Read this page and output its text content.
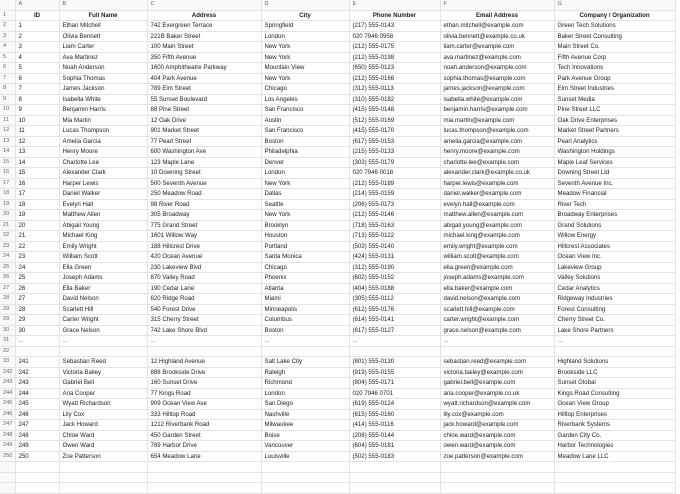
	A	B	C	D	E	F	G
1	ID	Full Name	Address	City	Phone Number	Email Address	Company / Organization
2	1	Ethan Mitchell	742 Evergreen Terrace	Springfield	(217) 555-0143	ethan.mitchell@example.com	Green Tech Solutions
3	2	Olivia Bennett	221B Baker Street	London	020 7946 0958	olivia.bennett@example.co.uk	Baker Street Consulting
4	3	Liam Carter	100 Main Street	New York	(212) 555-0175	liam.carter@example.com	Main Street Co.
5	4	Ava Martinez	350 Fifth Avenue	New York	(212) 555-0198	ava.martinez@example.com	Fifth Avenue Corp
6	5	Noah Anderson	1600 Amphitheatre Parkway	Mountain View	(650) 555-0123	noah.anderson@example.com	Tech Innovations
7	6	Sophia Thomas	404 Park Avenue	New York	(212) 555-0166	sophia.thomas@example.com	Park Avenue Group
8	7	James Jackson	789 Elm Street	Chicago	(312) 555-0113	james.jackson@example.com	Elm Street Industries
9	8	Isabella White	55 Sunset Boulevard	Los Angeles	(310) 555-0182	isabella.white@example.com	Sunset Media
10	9	Benjamin Harris	88 Pine Street	San Francisco	(415) 555-0148	benjamin.harris@example.com	Pine Street LLC
11	10	Mia Martin	12 Oak Drive	Austin	(512) 555-0169	mia.martin@example.com	Oak Drive Enterprises
12	11	Lucas Thompson	901 Market Street	San Francisco	(415) 555-0170	lucas.thompson@example.com	Market Street Partners
13	12	Amelia Garcia	77 Pearl Street	Boston	(617) 555-0153	amelia.garcia@example.com	Pearl Analytics
14	13	Henry Moore	600 Washington Ave	Philadelphia	(215) 555-0133	henry.moore@example.com	Washington Holdings
15	14	Charlotte Lee	123 Maple Lane	Denver	(303) 555-0179	charlotte.lee@example.com	Maple Leaf Services
16	15	Alexander Clark	10 Downing Street	London	020 7946 0018	alexander.clark@example.co.uk	Downing Street Ltd
17	16	Harper Lewis	500 Seventh Avenue	New York	(212) 555-0189	harper.lewis@example.com	Seventh Avenue Inc.
18	17	Daniel Walker	250 Meadow Road	Dallas	(214) 555-0159	daniel.walker@example.com	Meadow Financial
19	18	Evelyn Hall	98 River Road	Seattle	(206) 555-0173	evelyn.hall@example.com	River Tech
20	19	Matthew Allen	305 Broadway	New York	(212) 555-0146	matthew.allen@example.com	Broadway Enterprises
21	20	Abigail Young	775 Grand Street	Brooklyn	(718) 555-0163	abigail.young@example.com	Grand Solutions
22	21	Michael King	1601 Willow Way	Houston	(713) 555-0122	michael.king@example.com	Willow Energy
23	22	Emily Wright	188 Hillcrest Drive	Portland	(503) 555-0140	emily.wright@example.com	Hillcrest Associates
24	23	William Scott	420 Ocean Avenue	Santa Monica	(424) 555-0131	william.scott@example.com	Ocean View Inc.
25	24	Ella Green	230 Lakeview Blvd	Chicago	(312) 555-0190	ella.green@example.com	Lakeview Group
26	25	Joseph Adams	870 Valley Road	Phoenix	(602) 555-0152	joseph.adams@example.com	Valley Solutions
27	26	Ella Baker	190 Cedar Lane	Atlanta	(404) 555-0188	ella.baker@example.com	Cedar Analytics
28	27	David Nelson	620 Ridge Road	Miami	(305) 555-0112	david.nelson@example.com	Ridgeway Industries
29	28	Scarlett Hill	540 Forest Drive	Minneapolis	(612) 555-0176	scarlett.hill@example.com	Forest Consulting
29	29	Carter Wright	315 Cherry Street	Columbus	(614) 555-0141	carter.wright@example.com	Cherry Street Co.
30	30	Grace Nelson	742 Lake Shore Blvd	Boston	(617) 555-0127	grace.nelson@example.com	Lake Shore Partners
31	...	...	...	...	...	...	...
32							
33	241	Sebastian Reed	12 Highland Avenue	Salt Lake City	(801) 555-0130	sebastian.reed@example.com	Highland Solutions
242	242	Victoria Bailey	888 Brookside Drive	Raleigh	(919) 555-0155	victoria.bailey@example.com	Brookside LLC
243	243	Gabriel Bell	160 Sunset Drive	Richmond	(804) 555-0171	gabriel.bell@example.com	Sunset Global
244	244	Aria Cooper	77 Kings Road	London	020 7946 0701	aria.cooper@example.co.uk	Kings Road Consulting
245	245	Wyatt Richardson	909 Ocean View Ave	San Diego	(619) 555-0124	wyatt.richardson@example.com	Ocean View Group
246	246	Lily Cox	333 Hilltop Road	Nashville	(615) 555-0160	lily.cox@example.com	Hilltop Enterprises
247	247	Jack Howard	1212 Riverbank Road	Milwaukee	(414) 555-0116	jack.howard@example.com	Riverbank Systems
248	248	Chloe Ward	450 Garden Street	Boise	(208) 555-0144	chloe.ward@example.com	Garden City Co.
249	249	Owen Ward	789 Harbor Drive	Vancouver	(604) 555-0181	owen.ward@example.com	Harbor Technologies
250	250	Zoe Patterson	654 Meadow Lane	Louisville	(502) 555-0183	zoe.patterson@example.com	Meadow Lane LLC
